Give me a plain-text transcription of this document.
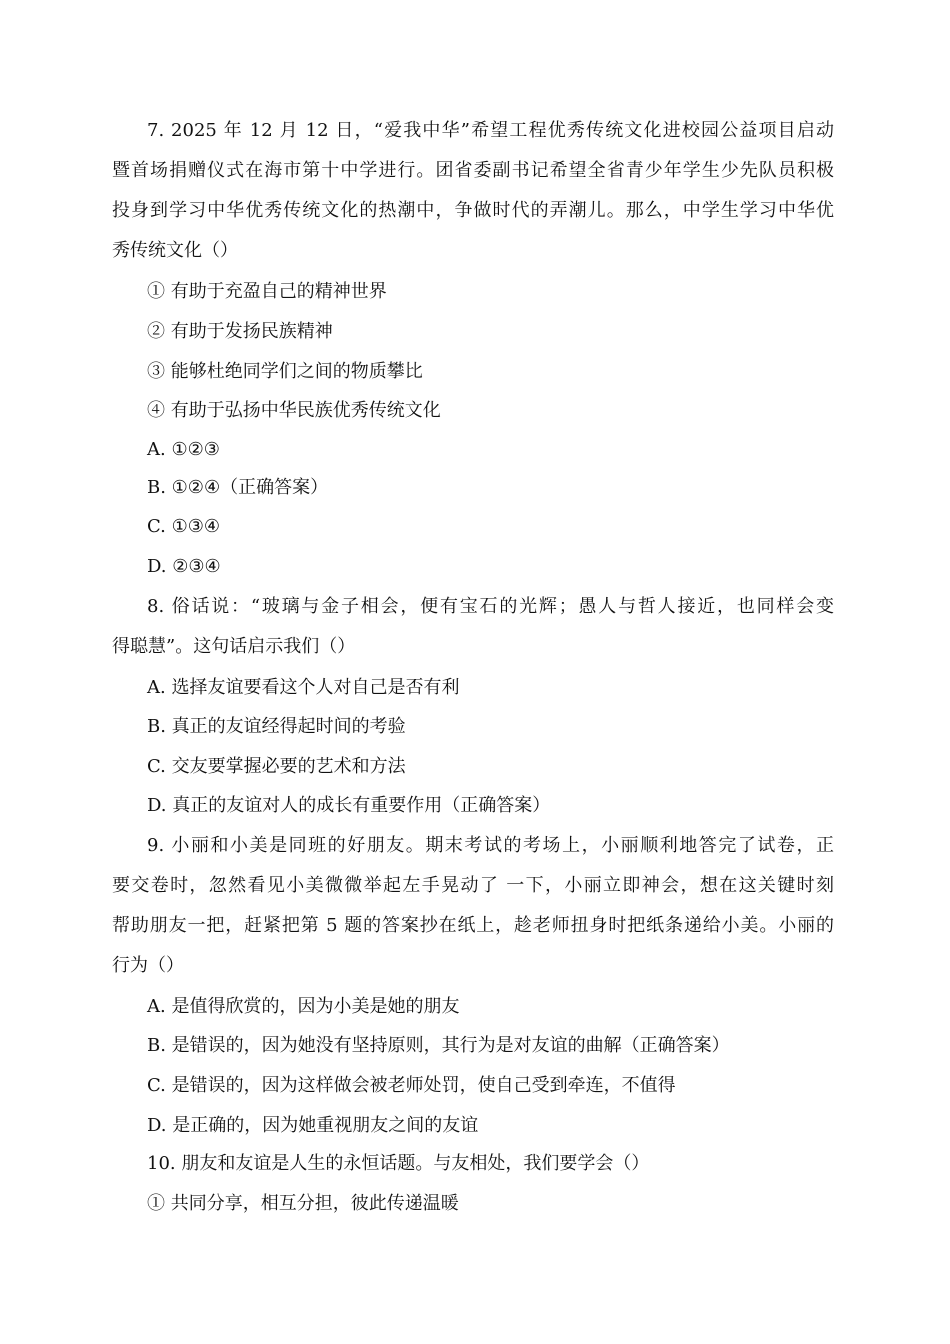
7. 2025 年 12 月 12 日，“爱我中华”希望工程优秀传统文化进校园公益项目启动
暨首场捐赠仪式在海市第十中学进行。团省委副书记希望全省青少年学生少先队员积极
投身到学习中华优秀传统文化的热潮中，争做时代的弄潮儿。那么，中学生学习中华优
秀传统文化（）
① 有助于充盈自己的精神世界
② 有助于发扬民族精神
③ 能够杜绝同学们之间的物质攀比
④ 有助于弘扬中华民族优秀传统文化
A. ①②③
B. ①②④（正确答案）
C. ①③④
D. ②③④
8. 俗话说：“玻璃与金子相会，便有宝石的光辉；愚人与哲人接近，也同样会变
得聪慧”。这句话启示我们（）
A. 选择友谊要看这个人对自己是否有利
B. 真正的友谊经得起时间的考验
C. 交友要掌握必要的艺术和方法
D. 真正的友谊对人的成长有重要作用（正确答案）
9. 小丽和小美是同班的好朋友。期末考试的考场上，小丽顺利地答完了试卷，正
要交卷时，忽然看见小美微微举起左手晃动了 一下，小丽立即神会，想在这关键时刻
帮助朋友一把，赶紧把第 5 题的答案抄在纸上，趁老师扭身时把纸条递给小美。小丽的
行为（）
A. 是值得欣赏的，因为小美是她的朋友
B. 是错误的，因为她没有坚持原则，其行为是对友谊的曲解（正确答案）
C. 是错误的，因为这样做会被老师处罚，使自己受到牵连，不值得
D. 是正确的，因为她重视朋友之间的友谊
10. 朋友和友谊是人生的永恒话题。与友相处，我们要学会（）
① 共同分享，相互分担，彼此传递温暖
